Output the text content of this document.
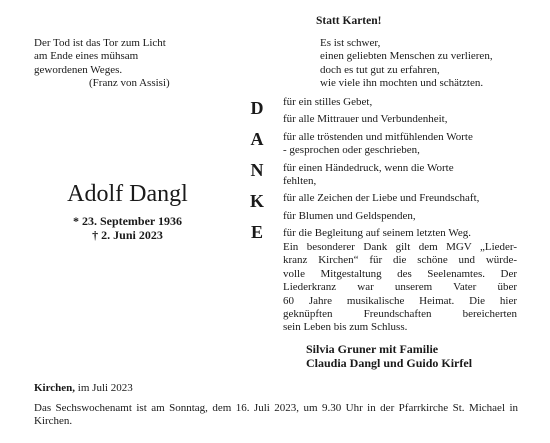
Statt Karten!
Der Tod ist das Tor zum Licht
am Ende eines mühsam
gewordenen Weges.
(Franz von Assisi)
Es ist schwer,
einen geliebten Menschen zu verlieren,
doch es tut gut zu erfahren,
wie viele ihn mochten und schätzten.
Adolf Dangl
* 23. September 1936
† 2. Juni 2023
D
A
N
K
E
für ein stilles Gebet,
für alle Mittrauer und Verbundenheit,
für alle tröstenden und mitfühlenden Worte
- gesprochen oder geschrieben,
für einen Händedruck, wenn die Worte
fehlten,
für alle Zeichen der Liebe und Freundschaft,
für Blumen und Geldspenden,
für die Begleitung auf seinem letzten Weg.
Ein besonderer Dank gilt dem MGV „Lieder-
kranz Kirchen“ für die schöne und würde-
volle Mitgestaltung des Seelenamtes. Der
Liederkranz war unserem Vater über
60 Jahre musikalische Heimat. Die hier
geknüpften Freundschaften bereicherten
sein Leben bis zum Schluss.
Silvia Gruner mit Familie
Claudia Dangl und Guido Kirfel
Kirchen, im Juli 2023
Das Sechswochenamt ist am Sonntag, dem 16. Juli 2023, um 9.30 Uhr in der Pfarrkirche St. Michael in Kirchen.
